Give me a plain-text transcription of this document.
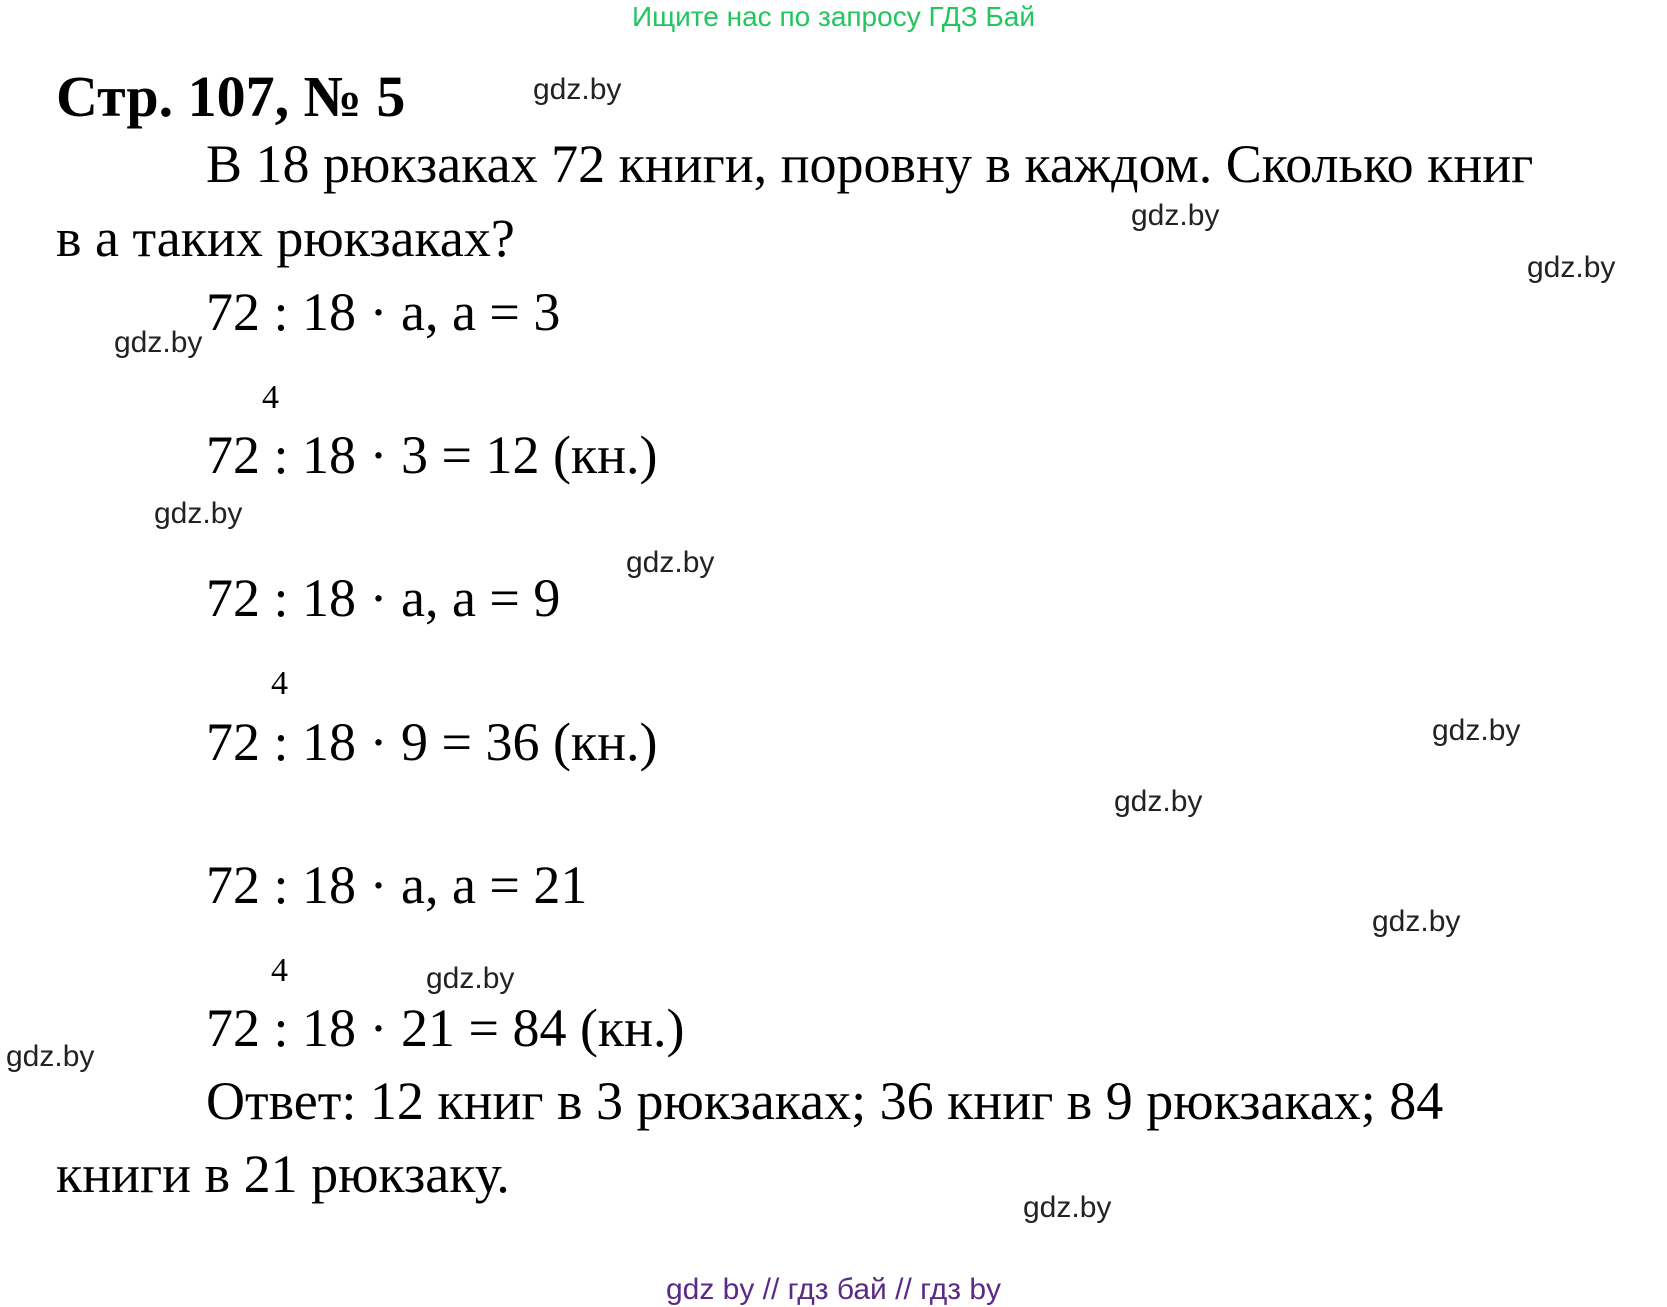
Ищите нас по запросу ГДЗ Бай
Стр. 107, № 5
В 18 рюкзаках 72 книги, поровну в каждом. Сколько книг
в а таких рюкзаках?
72 : 18 · a, a = 3
4
72 : 18 · 3 = 12 (кн.)
72 : 18 · a, a = 9
4
72 : 18 · 9 = 36 (кн.)
72 : 18 · a, a = 21
4
72 : 18 · 21 = 84 (кн.)
Ответ: 12 книг в 3 рюкзаках; 36 книг в 9 рюкзаках; 84
книги в 21 рюкзаку.
gdz.by
gdz.by
gdz.by
gdz.by
gdz.by
gdz.by
gdz.by
gdz.by
gdz.by
gdz.by
gdz.by
gdz.by
gdz by // гдз бай // гдз by
